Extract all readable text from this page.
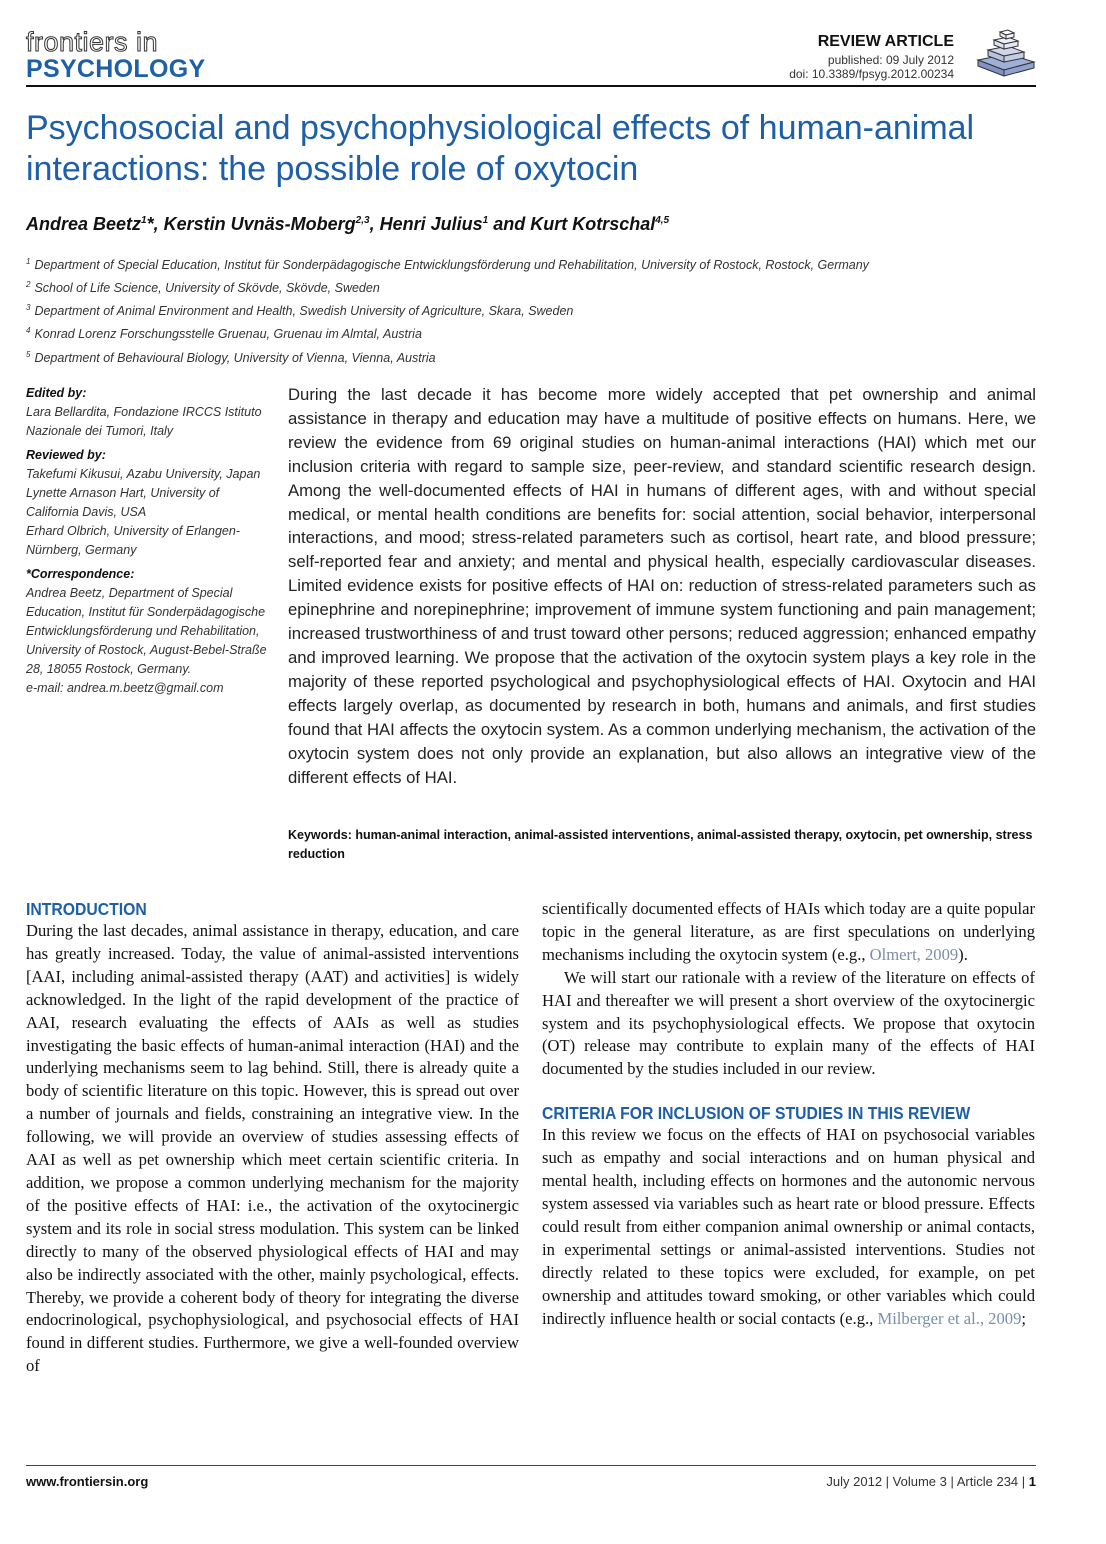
frontiers in
PSYCHOLOGY
REVIEW ARTICLE
published: 09 July 2012
doi: 10.3389/fpsyg.2012.00234
Psychosocial and psychophysiological effects of human-animal interactions: the possible role of oxytocin
Andrea Beetz$^1$*, Kerstin Uvnäs-Moberg$^{2,3}$, Henri Julius$^1$ and Kurt Kotrschal$^{4,5}$
$^1$ Department of Special Education, Institut für Sonderpädagogische Entwicklungsförderung und Rehabilitation, University of Rostock, Rostock, Germany
$^2$ School of Life Science, University of Skövde, Skövde, Sweden
$^3$ Department of Animal Environment and Health, Swedish University of Agriculture, Skara, Sweden
$^4$ Konrad Lorenz Forschungsstelle Gruenau, Gruenau im Almtal, Austria
$^5$ Department of Behavioural Biology, University of Vienna, Vienna, Austria
Edited by:
Lara Bellardita, Fondazione IRCCS Istituto Nazionale dei Tumori, Italy
Reviewed by:
Takefumi Kikusui, Azabu University, Japan
Lynette Arnason Hart, University of California Davis, USA
Erhard Olbrich, University of Erlangen-Nürnberg, Germany
*Correspondence:
Andrea Beetz, Department of Special Education, Institut für Sonderpädagogische Entwicklungsförderung und Rehabilitation, University of Rostock, August-Bebel-Straße 28, 18055 Rostock, Germany.
e-mail: andrea.m.beetz@gmail.com
During the last decade it has become more widely accepted that pet ownership and animal assistance in therapy and education may have a multitude of positive effects on humans. Here, we review the evidence from 69 original studies on human-animal interactions (HAI) which met our inclusion criteria with regard to sample size, peer-review, and standard scientific research design. Among the well-documented effects of HAI in humans of different ages, with and without special medical, or mental health conditions are benefits for: social attention, social behavior, interpersonal interactions, and mood; stress-related parameters such as cortisol, heart rate, and blood pressure; self-reported fear and anxiety; and mental and physical health, especially cardiovascular diseases. Limited evidence exists for positive effects of HAI on: reduction of stress-related parameters such as epinephrine and norepinephrine; improvement of immune system functioning and pain management; increased trustworthiness of and trust toward other persons; reduced aggression; enhanced empathy and improved learning. We propose that the activation of the oxytocin system plays a key role in the majority of these reported psychological and psychophysiological effects of HAI. Oxytocin and HAI effects largely overlap, as documented by research in both, humans and animals, and first studies found that HAI affects the oxytocin system. As a common underlying mechanism, the activation of the oxytocin system does not only provide an explanation, but also allows an integrative view of the different effects of HAI.
Keywords: human-animal interaction, animal-assisted interventions, animal-assisted therapy, oxytocin, pet ownership, stress reduction
INTRODUCTION

During the last decades, animal assistance in therapy, education, and care has greatly increased. Today, the value of animal-assisted interventions [AAI, including animal-assisted therapy (AAT) and activities] is widely acknowledged. In the light of the rapid development of the practice of AAI, research evaluating the effects of AAIs as well as studies investigating the basic effects of human-animal interaction (HAI) and the underlying mechanisms seem to lag behind. Still, there is already quite a body of scientific literature on this topic. However, this is spread out over a number of journals and fields, constraining an integrative view. In the following, we will provide an overview of studies assessing effects of AAI as well as pet ownership which meet certain scientific criteria. In addition, we propose a common underlying mechanism for the majority of the positive effects of HAI: i.e., the activation of the oxytocinergic system and its role in social stress modulation. This system can be linked directly to many of the observed physiological effects of HAI and may also be indirectly associated with the other, mainly psychological, effects. Thereby, we provide a coherent body of theory for integrating the diverse endocrinological, psychophysiological, and psychosocial effects of HAI found in different studies. Furthermore, we give a well-founded overview of

scientifically documented effects of HAIs which today are a quite popular topic in the general literature, as are first speculations on underlying mechanisms including the oxytocin system (e.g., Olmert, 2009).

We will start our rationale with a review of the literature on effects of HAI and thereafter we will present a short overview of the oxytocinergic system and its psychophysiological effects. We propose that oxytocin (OT) release may contribute to explain many of the effects of HAI documented by the studies included in our review.

CRITERIA FOR INCLUSION OF STUDIES IN THIS REVIEW

In this review we focus on the effects of HAI on psychosocial variables such as empathy and social interactions and on human physical and mental health, including effects on hormones and the autonomic nervous system assessed via variables such as heart rate or blood pressure. Effects could result from either companion animal ownership or animal contacts, in experimental settings or animal-assisted interventions. Studies not directly related to these topics were excluded, for example, on pet ownership and attitudes toward smoking, or other variables which could indirectly influence health or social contacts (e.g., Milberger et al., 2009;

www.frontiersin.org	July 2012 | Volume 3 | Article 234 | 1
